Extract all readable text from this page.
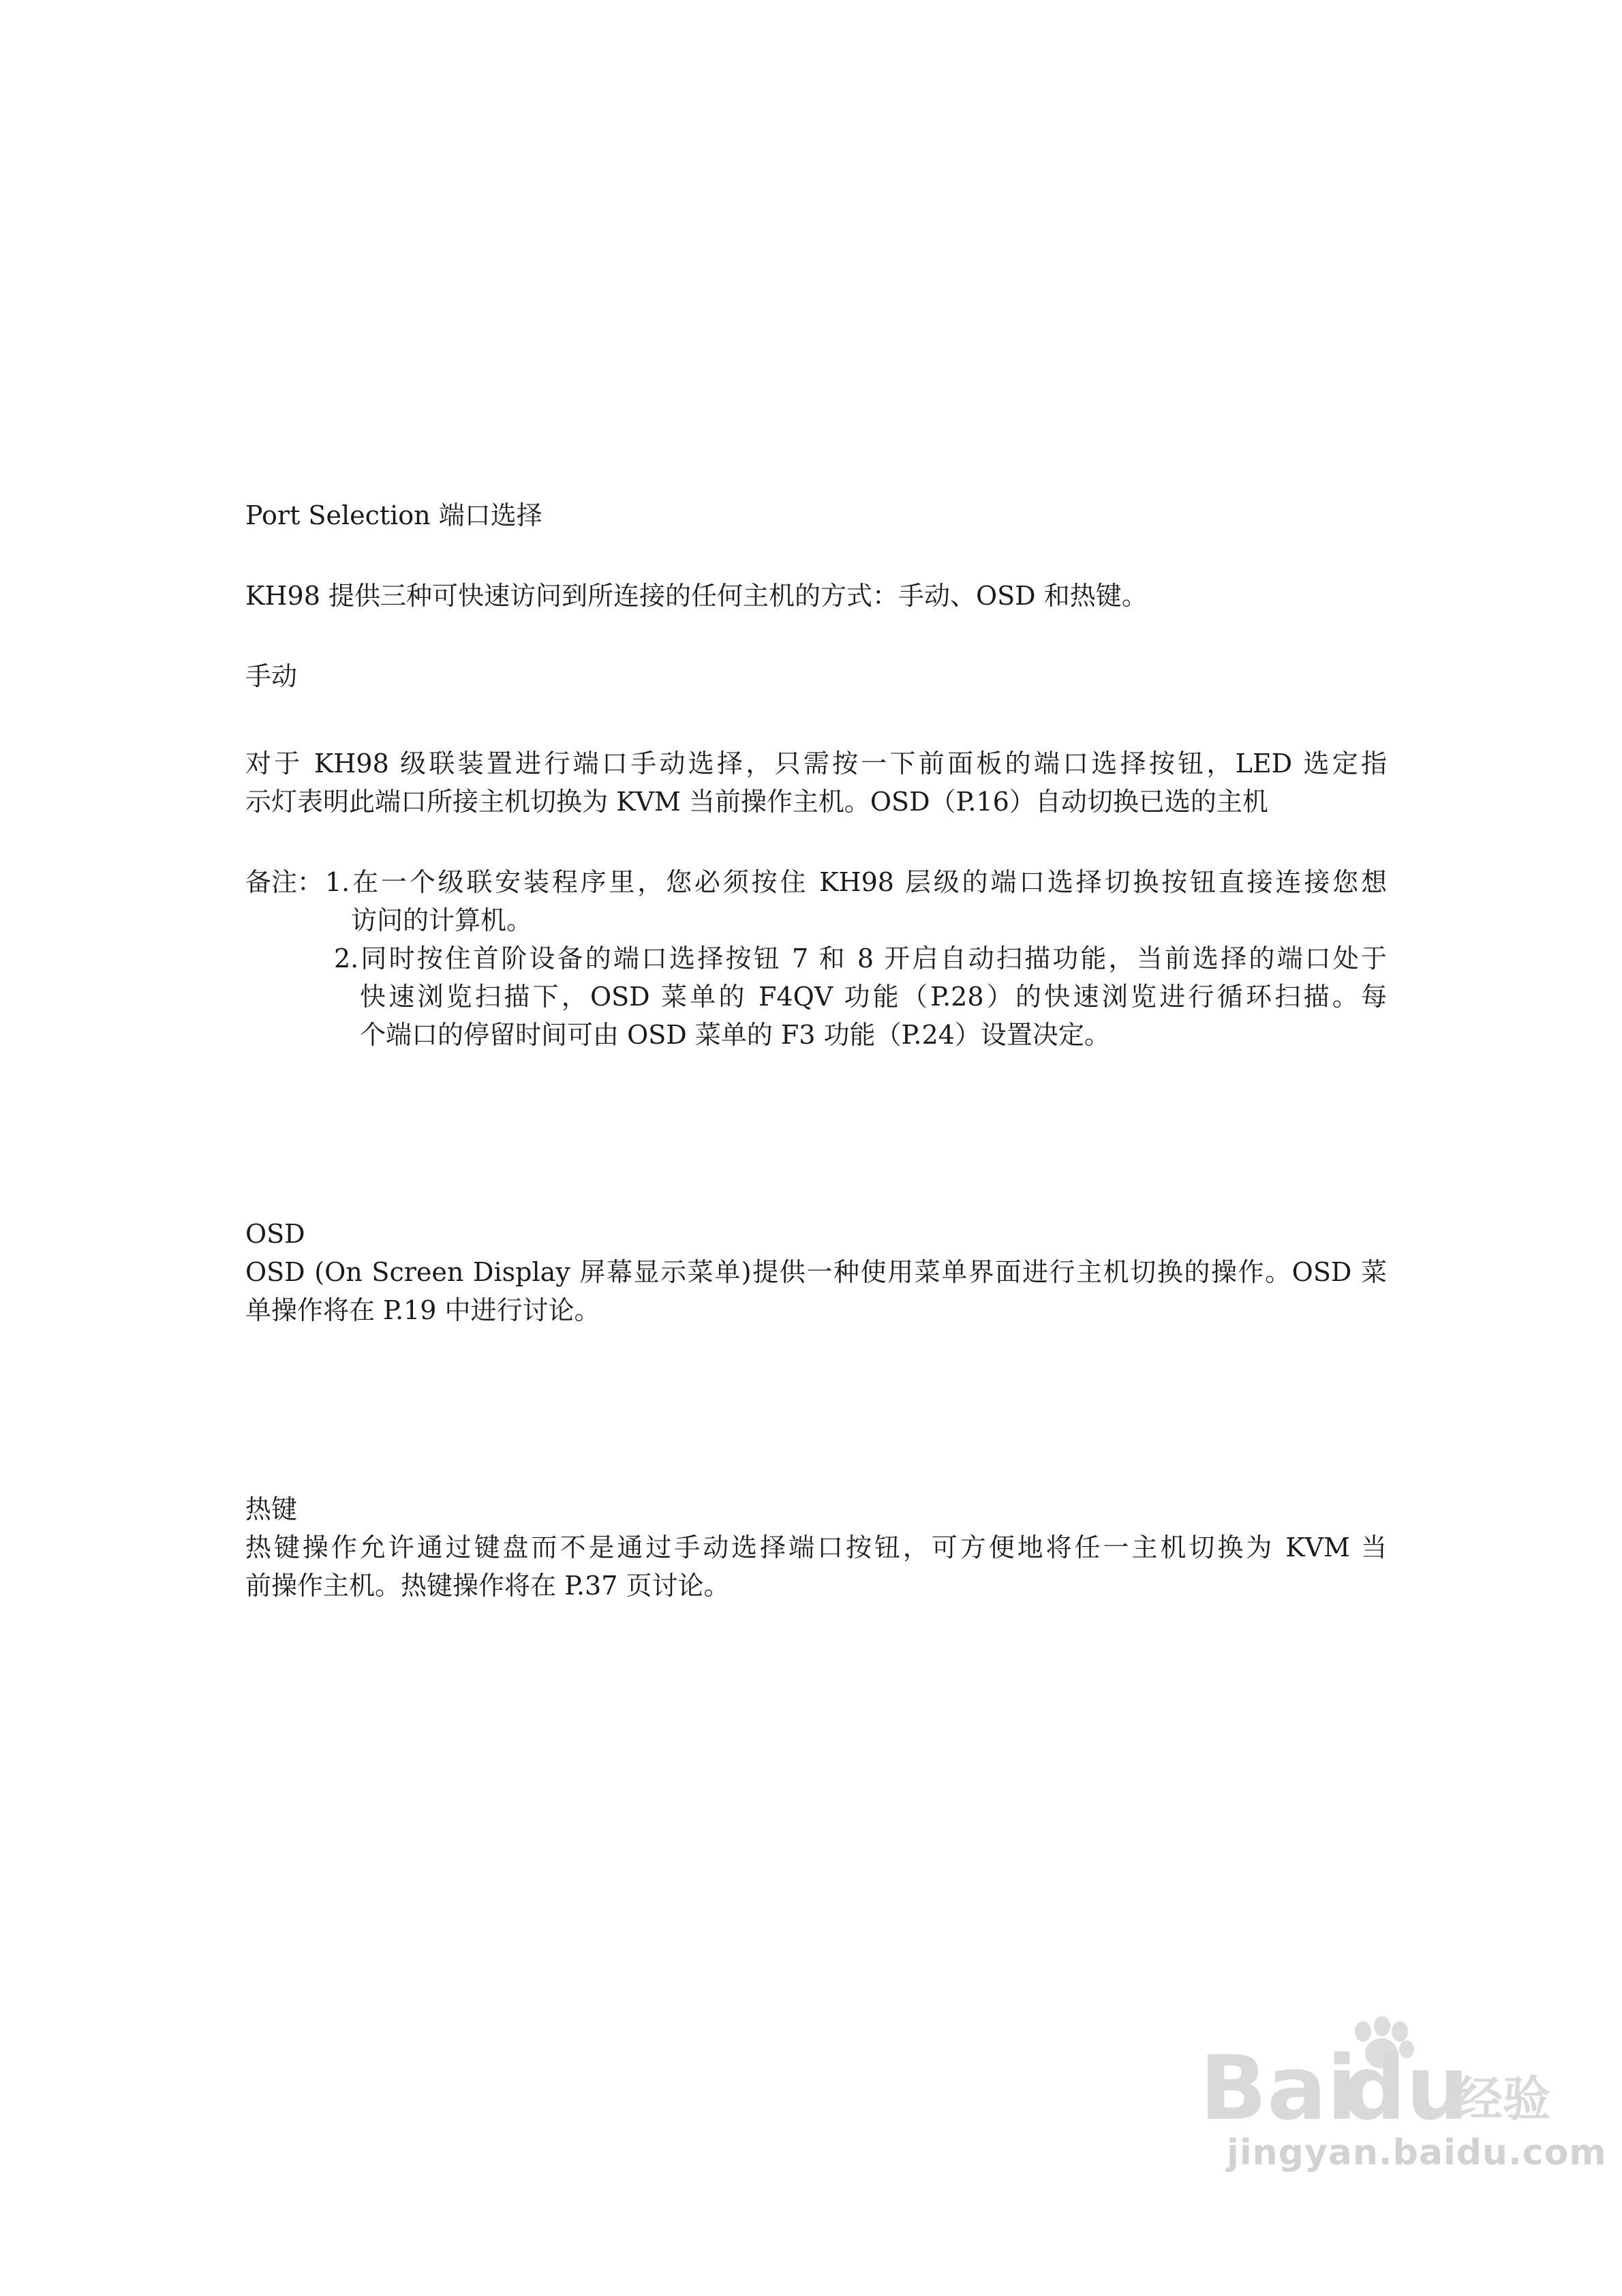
Port Selection 端口选择

KH98 提供三种可快速访问到所连接的任何主机的方式：手动、OSD 和热键。

手动

对于 KH98 级联装置进行端口手动选择，只需按一下前面板的端口选择按钮，LED 选定指

示灯表明此端口所接主机切换为 KVM 当前操作主机。OSD（P.16）自动切换已选的主机

备注： 1.在一个级联安装程序里，您必须按住 KH98 层级的端口选择切换按钮直接连接您想

访问的计算机。

2.同时按住首阶设备的端口选择按钮 7 和 8 开启自动扫描功能，当前选择的端口处于

快速浏览扫描下，OSD 菜单的 F4QV 功能（P.28）的快速浏览进行循环扫描。每

个端口的停留时间可由 OSD 菜单的 F3 功能（P.24）设置决定。

OSD

OSD (On Screen Display 屏幕显示菜单)提供一种使用菜单界面进行主机切换的操作。OSD 菜

单操作将在 P.19 中进行讨论。

热键

热键操作允许通过键盘而不是通过手动选择端口按钮，可方便地将任一主机切换为 KVM 当

前操作主机。热键操作将在 P.37 页讨论。

Bai
du
经验
jingyan.baidu.com
